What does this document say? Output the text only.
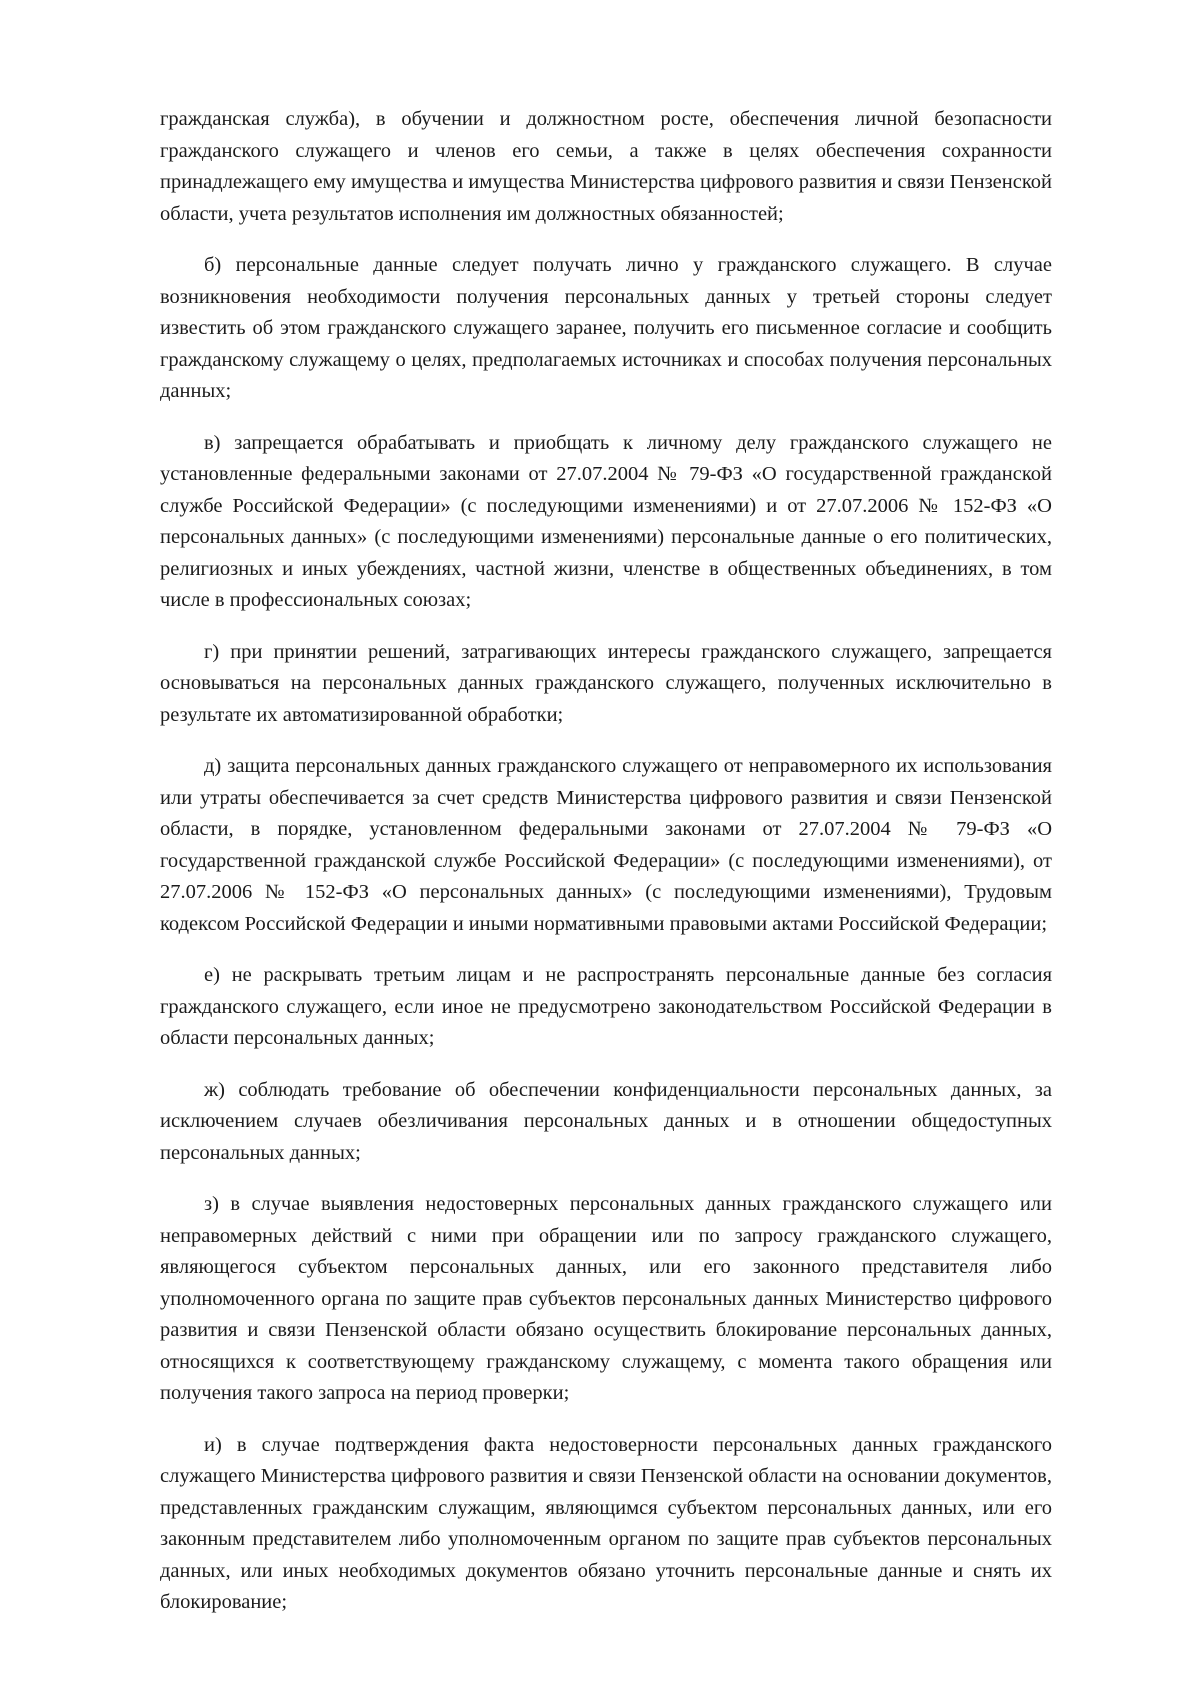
гражданская служба), в обучении и должностном росте, обеспечения личной безопасности гражданского служащего и членов его семьи, а также в целях обеспечения сохранности принадлежащего ему имущества и имущества Министерства цифрового развития и связи Пензенской области, учета результатов исполнения им должностных обязанностей;

б) персональные данные следует получать лично у гражданского служащего. В случае возникновения необходимости получения персональных данных у третьей стороны следует известить об этом гражданского служащего заранее, получить его письменное согласие и сообщить гражданскому служащему о целях, предполагаемых источниках и способах получения персональных данных;

в) запрещается обрабатывать и приобщать к личному делу гражданского служащего не установленные федеральными законами от 27.07.2004 № 79-ФЗ «О государственной гражданской службе Российской Федерации» (с последующими изменениями) и от 27.07.2006 № 152-ФЗ «О персональных данных» (с последующими изменениями) персональные данные о его политических, религиозных и иных убеждениях, частной жизни, членстве в общественных объединениях, в том числе в профессиональных союзах;

г) при принятии решений, затрагивающих интересы гражданского служащего, запрещается основываться на персональных данных гражданского служащего, полученных исключительно в результате их автоматизированной обработки;

д) защита персональных данных гражданского служащего от неправомерного их использования или утраты обеспечивается за счет средств Министерства цифрового развития и связи Пензенской области, в порядке, установленном федеральными законами от 27.07.2004 № 79-ФЗ «О государственной гражданской службе Российской Федерации» (с последующими изменениями), от 27.07.2006 № 152-ФЗ «О персональных данных» (с последующими изменениями), Трудовым кодексом Российской Федерации и иными нормативными правовыми актами Российской Федерации;

е) не раскрывать третьим лицам и не распространять персональные данные без согласия гражданского служащего, если иное не предусмотрено законодательством Российской Федерации в области персональных данных;

ж) соблюдать требование об обеспечении конфиденциальности персональных данных, за исключением случаев обезличивания персональных данных и в отношении общедоступных персональных данных;

з) в случае выявления недостоверных персональных данных гражданского служащего или неправомерных действий с ними при обращении или по запросу гражданского служащего, являющегося субъектом персональных данных, или его законного представителя либо уполномоченного органа по защите прав субъектов персональных данных Министерство цифрового развития и связи Пензенской области обязано осуществить блокирование персональных данных, относящихся к соответствующему гражданскому служащему, с момента такого обращения или получения такого запроса на период проверки;

и) в случае подтверждения факта недостоверности персональных данных гражданского служащего Министерства цифрового развития и связи Пензенской области на основании документов, представленных гражданским служащим, являющимся субъектом персональных данных, или его законным представителем либо уполномоченным органом по защите прав субъектов персональных данных, или иных необходимых документов обязано уточнить персональные данные и снять их блокирование;
